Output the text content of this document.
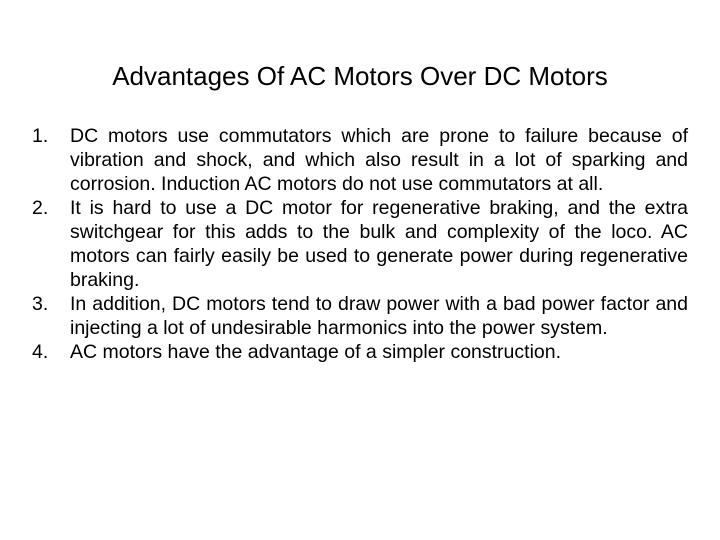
Advantages Of AC Motors Over DC Motors
1. DC motors use commutators which are prone to failure because of vibration and shock, and which also result in a lot of sparking and corrosion. Induction AC motors do not use commutators at all.
2. It is hard to use a DC motor for regenerative braking, and the extra switchgear for this adds to the bulk and complexity of the loco. AC motors can fairly easily be used to generate power during regenerative braking.
3. In addition, DC motors tend to draw power with a bad power factor and injecting a lot of undesirable harmonics into the power system.
4. AC motors have the advantage of a simpler construction.
